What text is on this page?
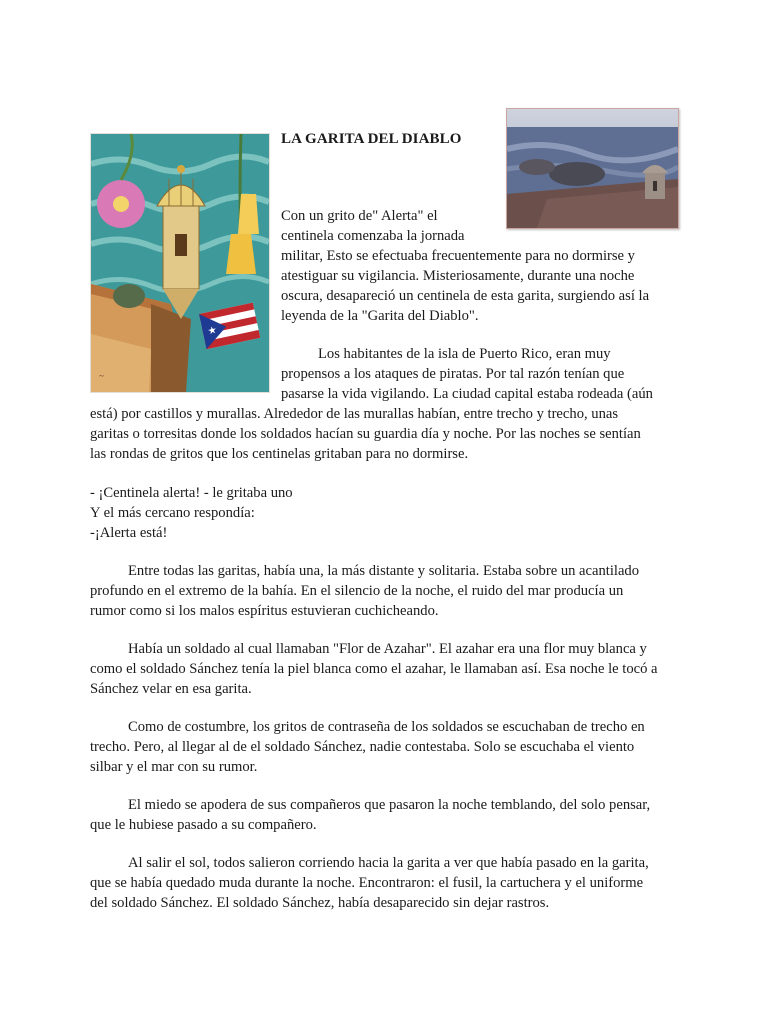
★
~
LA GARITA DEL DIABLO
Con un grito de" Alerta" el
centinela comenzaba la jornada
militar, Esto se efectuaba frecuentemente para no dormirse y
atestiguar su vigilancia. Misteriosamente, durante una noche
oscura, desapareció un centinela de esta garita, surgiendo así la
leyenda de la "Garita del Diablo".
Los habitantes de la isla de Puerto Rico, eran muy
propensos a los ataques de piratas. Por tal razón tenían que
pasarse la vida vigilando. La ciudad capital estaba rodeada (aún
está) por castillos y murallas. Alrededor de las murallas habían, entre trecho y trecho, unas
garitas o torresitas donde los soldados hacían su guardia día y noche. Por las noches se sentían
las rondas de gritos que los centinelas gritaban para no dormirse.
- ¡Centinela alerta! - le gritaba uno
Y el más cercano respondía:
-¡Alerta está!
Entre todas las garitas, había una, la más distante y solitaria. Estaba sobre un acantilado
profundo en el extremo de la bahía. En el silencio de la noche, el ruido del mar producía un
rumor como si los malos espíritus estuvieran cuchicheando.
Había un soldado al cual llamaban "Flor de Azahar". El azahar era una flor muy blanca y
como el soldado Sánchez tenía la piel blanca como el azahar, le llamaban así. Esa noche le tocó a
Sánchez velar en esa garita.
Como de costumbre, los gritos de contraseña de los soldados se escuchaban de trecho en
trecho. Pero, al llegar al de el soldado Sánchez, nadie contestaba. Solo se escuchaba el viento
silbar y el mar con su rumor.
El miedo se apodera de sus compañeros que pasaron la noche temblando, del solo pensar,
que le hubiese pasado a su compañero.
Al salir el sol, todos salieron corriendo hacia la garita a ver que había pasado en la garita,
que se había quedado muda durante la noche. Encontraron: el fusil, la cartuchera y el uniforme
del soldado Sánchez. El soldado Sánchez, había desaparecido sin dejar rastros.
